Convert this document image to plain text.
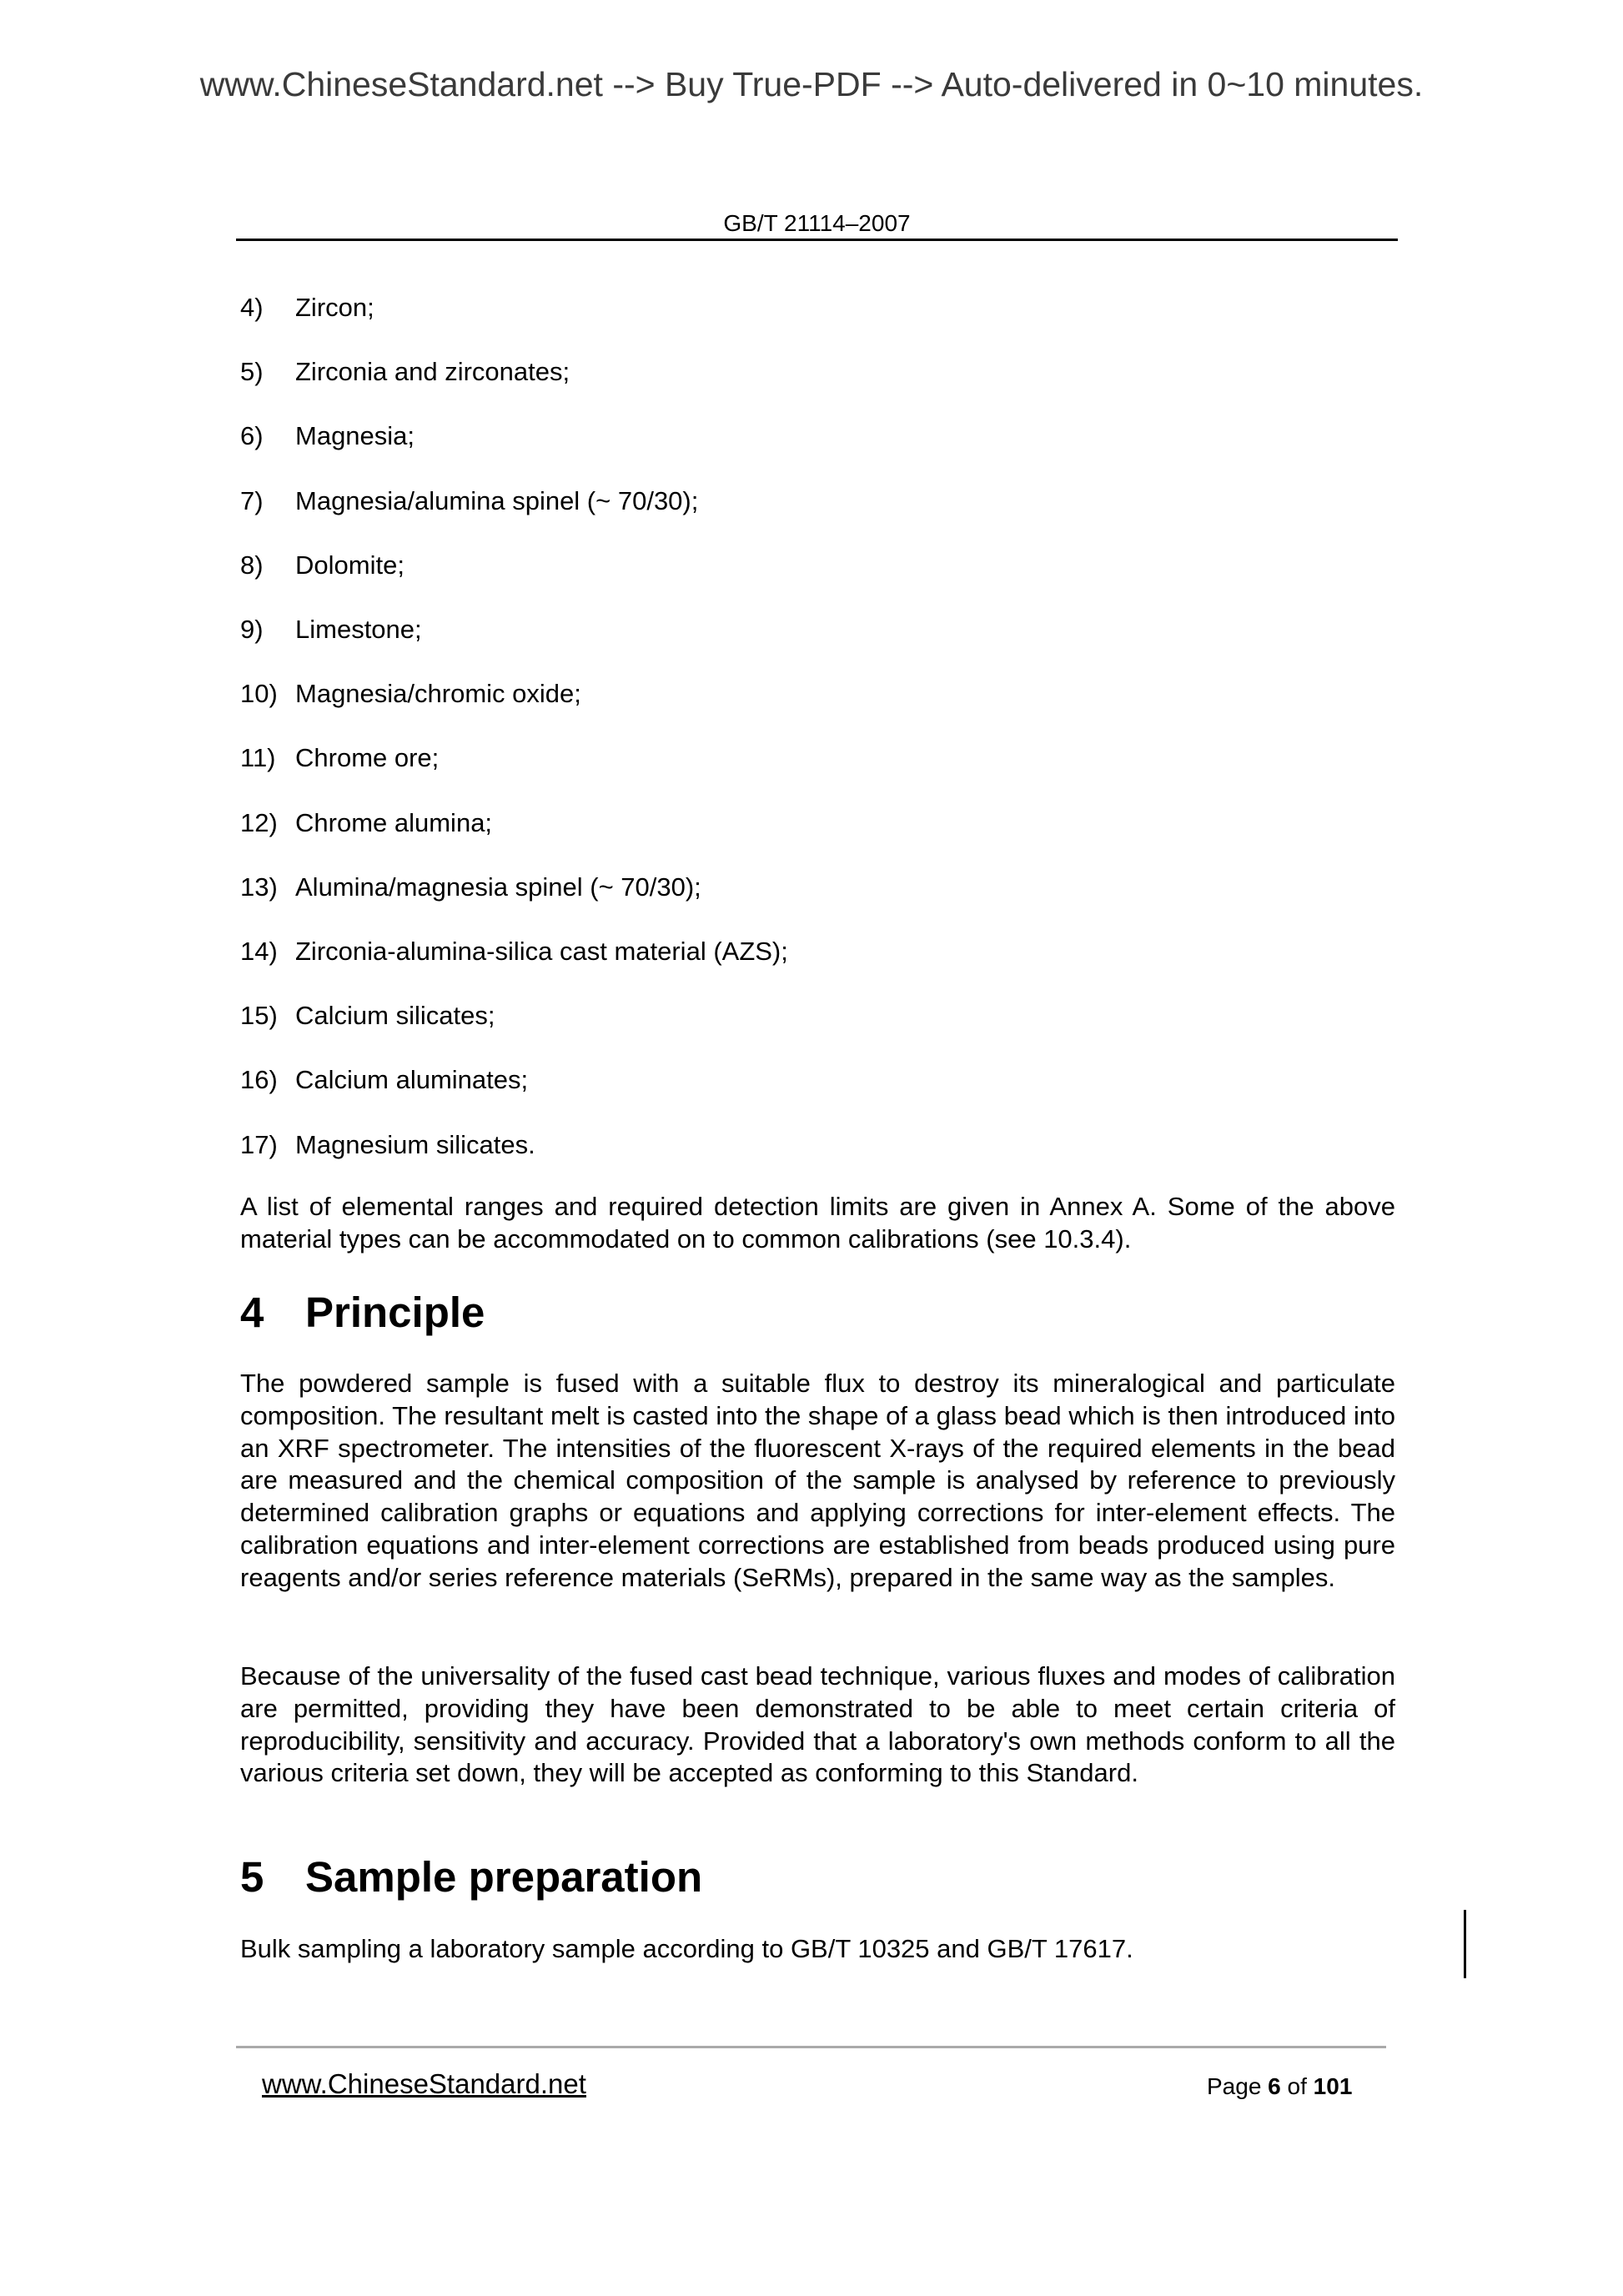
www.ChineseStandard.net --> Buy True-PDF --> Auto-delivered in 0~10 minutes.
GB/T 21114–2007
4) Zircon;
5) Zirconia and zirconates;
6) Magnesia;
7) Magnesia/alumina spinel (~ 70/30);
8) Dolomite;
9) Limestone;
10) Magnesia/chromic oxide;
11) Chrome ore;
12) Chrome alumina;
13) Alumina/magnesia spinel (~ 70/30);
14) Zirconia-alumina-silica cast material (AZS);
15) Calcium silicates;
16) Calcium aluminates;
17) Magnesium silicates.
A list of elemental ranges and required detection limits are given in Annex A. Some of the above material types can be accommodated on to common calibrations (see 10.3.4).
4 Principle
The powdered sample is fused with a suitable flux to destroy its mineralogical and particulate composition. The resultant melt is casted into the shape of a glass bead which is then introduced into an XRF spectrometer. The intensities of the fluorescent X-rays of the required elements in the bead are measured and the chemical composition of the sample is analysed by reference to previously determined calibration graphs or equations and applying corrections for inter-element effects. The calibration equations and inter-element corrections are established from beads produced using pure reagents and/or series reference materials (SeRMs), prepared in the same way as the samples.
Because of the universality of the fused cast bead technique, various fluxes and modes of calibration are permitted, providing they have been demonstrated to be able to meet certain criteria of reproducibility, sensitivity and accuracy. Provided that a laboratory's own methods conform to all the various criteria set down, they will be accepted as conforming to this Standard.
5 Sample preparation
Bulk sampling a laboratory sample according to GB/T 10325 and GB/T 17617.
www.ChineseStandard.net	Page 6 of 101
